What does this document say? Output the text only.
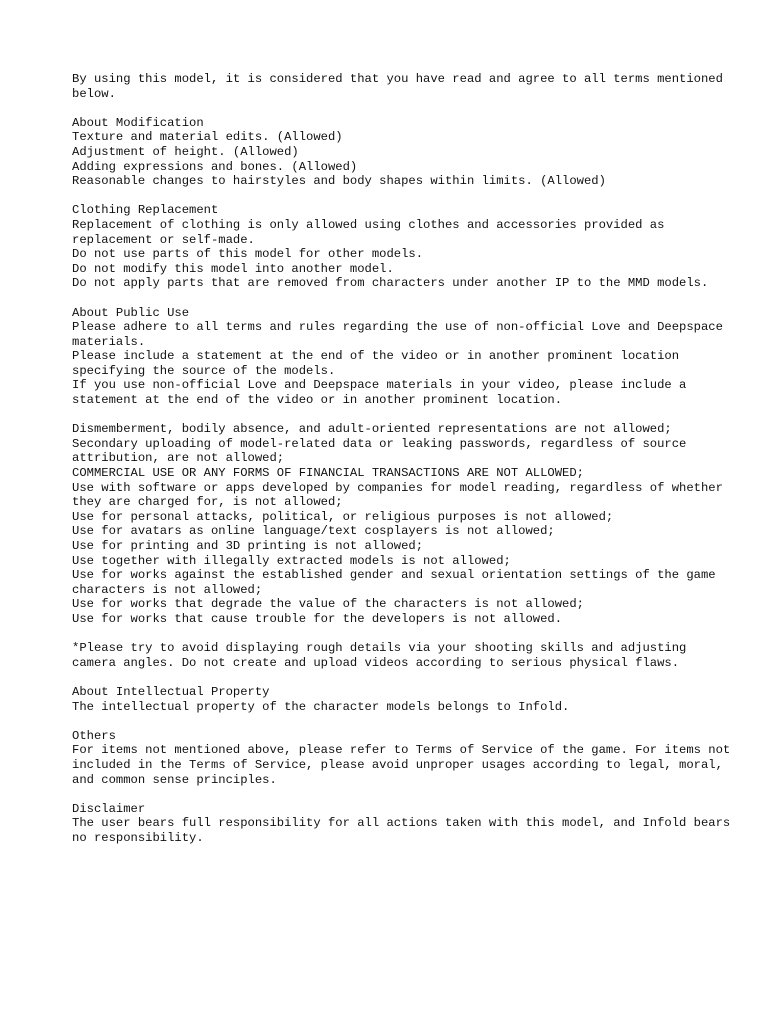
By using this model, it is considered that you have read and agree to all terms mentioned below.
About Modification
Texture and material edits. (Allowed)
Adjustment of height. (Allowed)
Adding expressions and bones. (Allowed)
Reasonable changes to hairstyles and body shapes within limits. (Allowed)
Clothing Replacement
Replacement of clothing is only allowed using clothes and accessories provided as replacement or self-made.
Do not use parts of this model for other models.
Do not modify this model into another model.
Do not apply parts that are removed from characters under another IP to the MMD models.
About Public Use
Please adhere to all terms and rules regarding the use of non-official Love and Deepspace materials.
Please include a statement at the end of the video or in another prominent location specifying the source of the models.
If you use non-official Love and Deepspace materials in your video, please include a statement at the end of the video or in another prominent location.
Dismemberment, bodily absence, and adult-oriented representations are not allowed;
Secondary uploading of model-related data or leaking passwords, regardless of source attribution, are not allowed;
COMMERCIAL USE OR ANY FORMS OF FINANCIAL TRANSACTIONS ARE NOT ALLOWED;
Use with software or apps developed by companies for model reading, regardless of whether they are charged for, is not allowed;
Use for personal attacks, political, or religious purposes is not allowed;
Use for avatars as online language/text cosplayers is not allowed;
Use for printing and 3D printing is not allowed;
Use together with illegally extracted models is not allowed;
Use for works against the established gender and sexual orientation settings of the game characters is not allowed;
Use for works that degrade the value of the characters is not allowed;
Use for works that cause trouble for the developers is not allowed.
*Please try to avoid displaying rough details via your shooting skills and adjusting camera angles. Do not create and upload videos according to serious physical flaws.
About Intellectual Property
The intellectual property of the character models belongs to Infold.
Others
For items not mentioned above, please refer to Terms of Service of the game. For items not included in the Terms of Service, please avoid unproper usages according to legal, moral, and common sense principles.
Disclaimer
The user bears full responsibility for all actions taken with this model, and Infold bears no responsibility.
